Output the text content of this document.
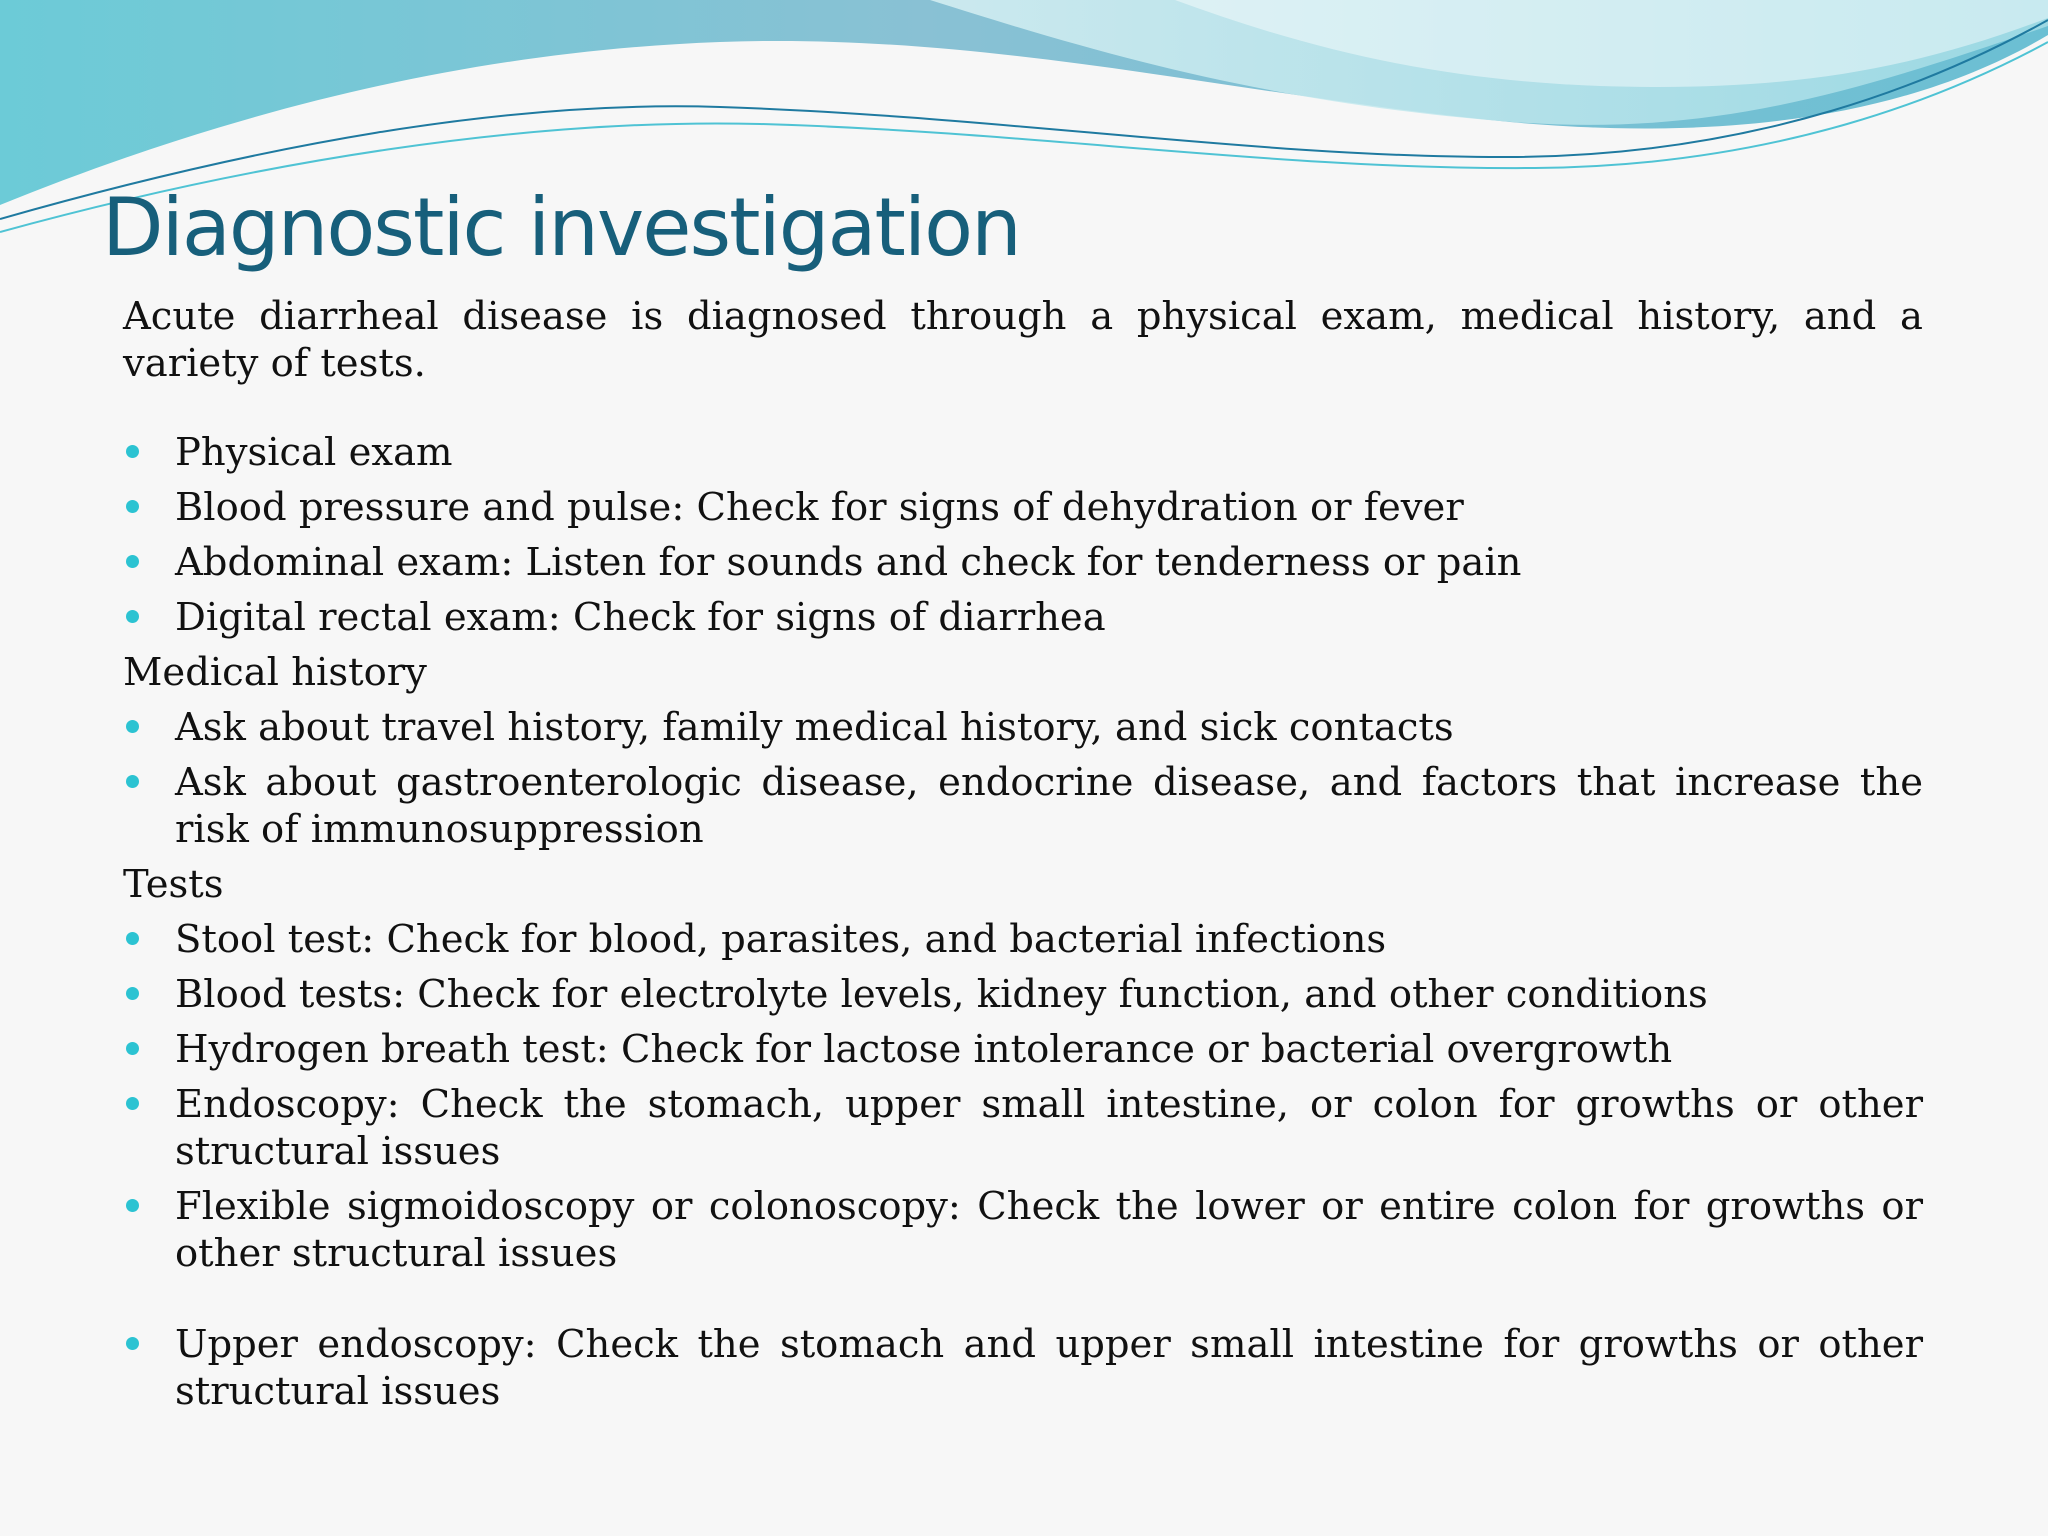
Diagnostic investigation

Acute diarrheal disease is diagnosed through a physical exam, medical history, and a variety of tests.

Physical exam
Blood pressure and pulse: Check for signs of dehydration or fever
Abdominal exam: Listen for sounds and check for tenderness or pain
Digital rectal exam: Check for signs of diarrhea

Medical history

Ask about travel history, family medical history, and sick contacts
Ask about gastroenterologic disease, endocrine disease, and factors that increase the risk of immunosuppression

Tests

Stool test: Check for blood, parasites, and bacterial infections
Blood tests: Check for electrolyte levels, kidney function, and other conditions
Hydrogen breath test: Check for lactose intolerance or bacterial overgrowth
Endoscopy: Check the stomach, upper small intestine, or colon for growths or other structural issues
Flexible sigmoidoscopy or colonoscopy: Check the lower or entire colon for growths or other structural issues
Upper endoscopy: Check the stomach and upper small intestine for growths or other structural issues
